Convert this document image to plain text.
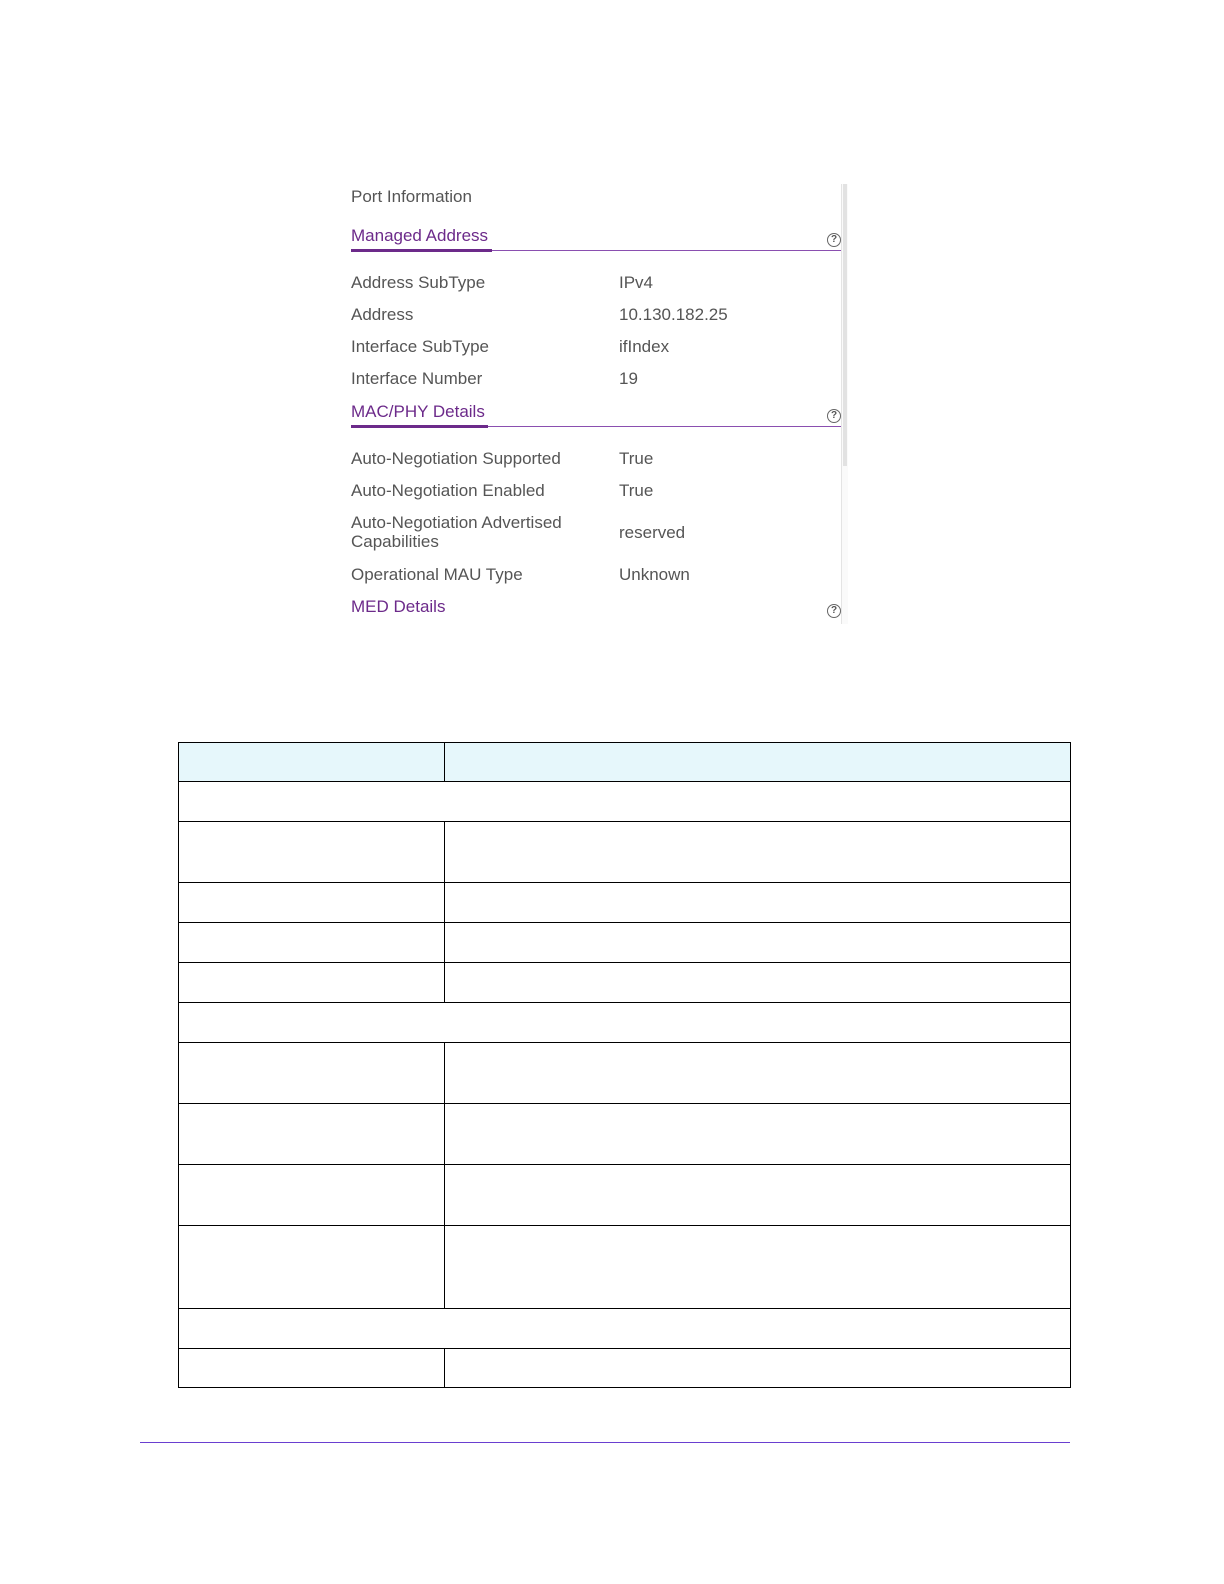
Port Information
Managed Address	?
Address SubType	IPv4
Address	10.130.182.25
Interface SubType	ifIndex
Interface Number	19
MAC/PHY Details	?
Auto-Negotiation Supported	True
Auto-Negotiation Enabled	True
Auto-Negotiation Advertised Capabilities	reserved
Operational MAU Type	Unknown
MED Details	?
